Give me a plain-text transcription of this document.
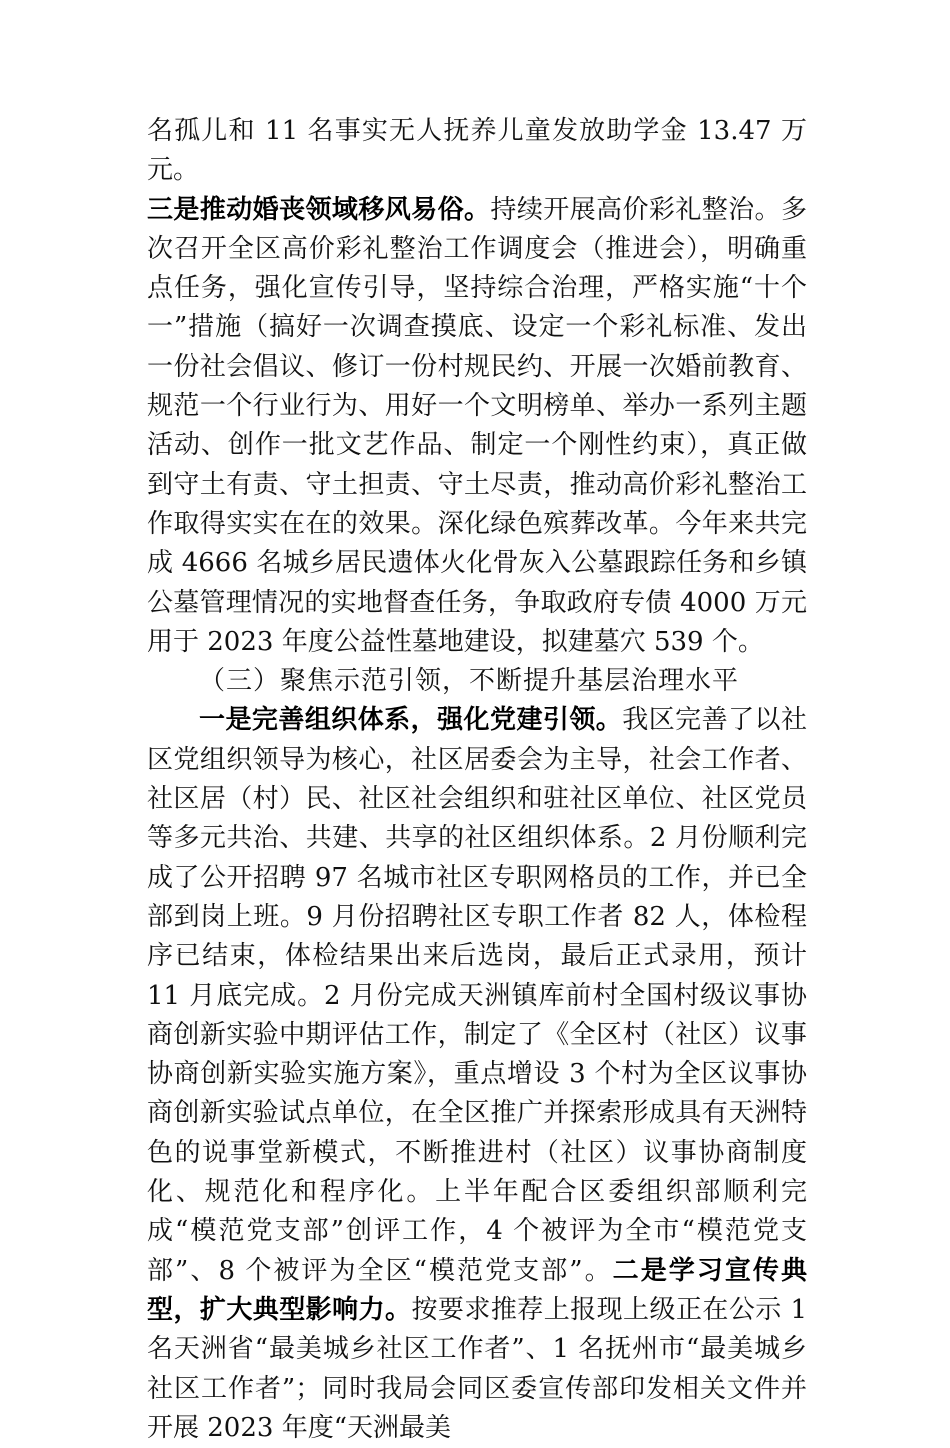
名孤儿和 11 名事实无人抚养儿童发放助学金 13.47 万元。
三是推动婚丧领域移风易俗。持续开展高价彩礼整治。多次召开全区高价彩礼整治工作调度会（推进会），明确重点任务，强化宣传引导，坚持综合治理，严格实施“十个一”措施（搞好一次调查摸底、设定一个彩礼标准、发出一份社会倡议、修订一份村规民约、开展一次婚前教育、规范一个行业行为、用好一个文明榜单、举办一系列主题活动、创作一批文艺作品、制定一个刚性约束），真正做到守土有责、守土担责、守土尽责，推动高价彩礼整治工作取得实实在在的效果。深化绿色殡葬改革。今年来共完成 4666 名城乡居民遗体火化骨灰入公墓跟踪任务和乡镇公墓管理情况的实地督查任务，争取政府专债 4000 万元用于 2023 年度公益性墓地建设，拟建墓穴 539 个。

（三）聚焦示范引领，不断提升基层治理水平

一是完善组织体系，强化党建引领。我区完善了以社区党组织领导为核心，社区居委会为主导，社会工作者、社区居（村）民、社区社会组织和驻社区单位、社区党员等多元共治、共建、共享的社区组织体系。2 月份顺利完成了公开招聘 97 名城市社区专职网格员的工作，并已全部到岗上班。9 月份招聘社区专职工作者 82 人，体检程序已结束，体检结果出来后选岗，最后正式录用，预计 11 月底完成。2 月份完成天洲镇库前村全国村级议事协商创新实验中期评估工作，制定了《全区村（社区）议事协商创新实验实施方案》，重点增设 3 个村为全区议事协商创新实验试点单位，在全区推广并探索形成具有天洲特色的说事堂新模式，不断推进村（社区）议事协商制度化、规范化和程序化。上半年配合区委组织部顺利完成“模范党支部”创评工作，4 个被评为全市“模范党支部”、8 个被评为全区“模范党支部”。二是学习宣传典型，扩大典型影响力。按要求推荐上报现上级正在公示 1 名天洲省“最美城乡社区工作者”、1 名抚州市“最美城乡社区工作者”；同时我局会同区委宣传部印发相关文件并开展 2023 年度“天洲最美
